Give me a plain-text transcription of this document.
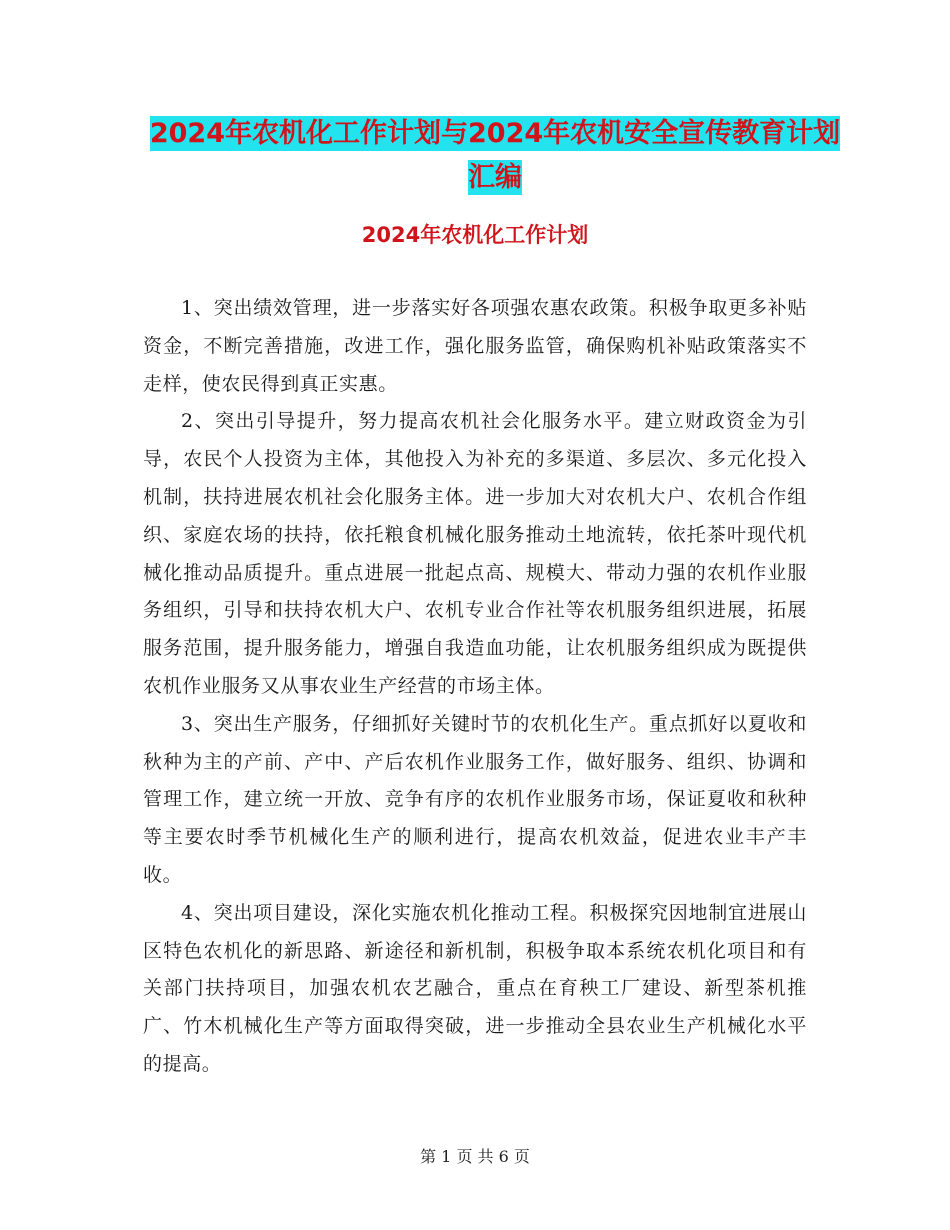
2024年农机化工作计划与2024年农机安全宣传教育计划汇编
2024年农机化工作计划

1、突出绩效管理，进一步落实好各项强农惠农政策。积极争取更多补贴资金，不断完善措施，改进工作，强化服务监管，确保购机补贴政策落实不走样，使农民得到真正实惠。

2、突出引导提升，努力提高农机社会化服务水平。建立财政资金为引导，农民个人投资为主体，其他投入为补充的多渠道、多层次、多元化投入机制，扶持进展农机社会化服务主体。进一步加大对农机大户、农机合作组织、家庭农场的扶持，依托粮食机械化服务推动土地流转，依托茶叶现代机械化推动品质提升。重点进展一批起点高、规模大、带动力强的农机作业服务组织，引导和扶持农机大户、农机专业合作社等农机服务组织进展，拓展服务范围，提升服务能力，增强自我造血功能，让农机服务组织成为既提供农机作业服务又从事农业生产经营的市场主体。

3、突出生产服务，仔细抓好关键时节的农机化生产。重点抓好以夏收和秋种为主的产前、产中、产后农机作业服务工作，做好服务、组织、协调和管理工作，建立统一开放、竞争有序的农机作业服务市场，保证夏收和秋种等主要农时季节机械化生产的顺利进行，提高农机效益，促进农业丰产丰收。

4、突出项目建设，深化实施农机化推动工程。积极探究因地制宜进展山区特色农机化的新思路、新途径和新机制，积极争取本系统农机化项目和有关部门扶持项目，加强农机农艺融合，重点在育秧工厂建设、新型茶机推广、竹木机械化生产等方面取得突破，进一步推动全县农业生产机械化水平的提高。

第 1 页 共 6 页
